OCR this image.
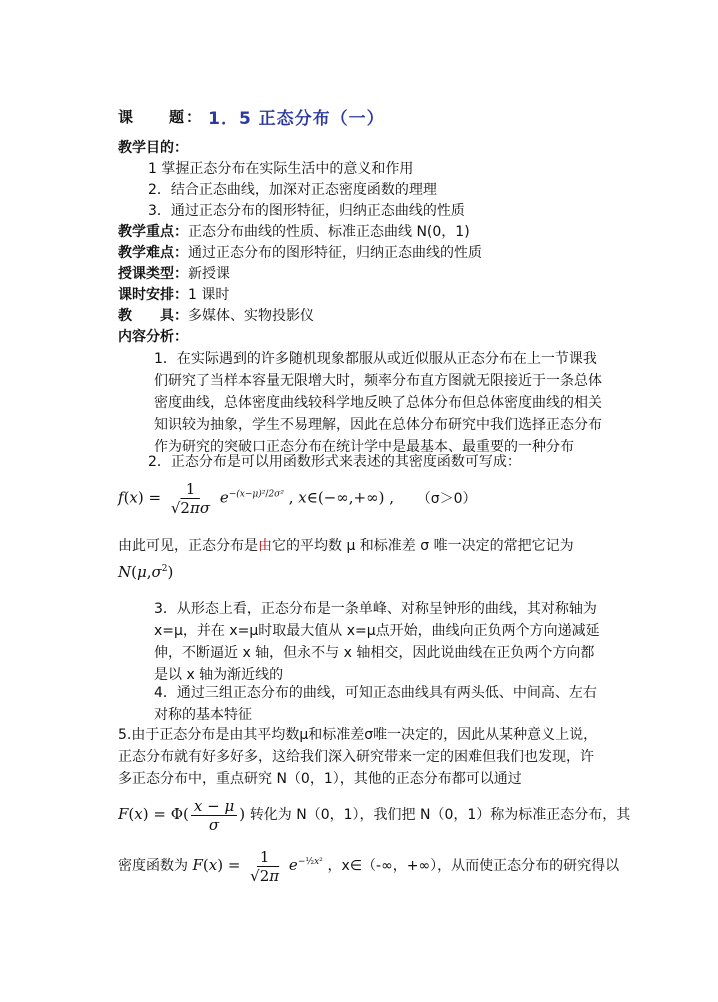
课　　题： 1．5 正态分布（一）
教学目的：
1 掌握正态分布在实际生活中的意义和作用
2．结合正态曲线，加深对正态密度函数的理理
3．通过正态分布的图形特征，归纳正态曲线的性质
教学重点：正态分布曲线的性质、标准正态曲线 N(0，1)
教学难点：通过正态分布的图形特征，归纳正态曲线的性质
授课类型：新授课
课时安排：1 课时
教　　具：多媒体、实物投影仪
内容分析：
1．在实际遇到的许多随机现象都服从或近似服从正态分布在上一节课我们研究了当样本容量无限增大时，频率分布直方图就无限接近于一条总体密度曲线，总体密度曲线较科学地反映了总体分布但总体密度曲线的相关知识较为抽象，学生不易理解，因此在总体分布研究中我们选择正态分布作为研究的突破口正态分布在统计学中是最基本、最重要的一种分布
2．正态分布是可以用函数形式来表述的其密度函数可写成：
$f(x) = \frac{1}{√2\pi\sigma} e^{-(x-\mu)^2/2\sigma^2}$ , x∈(−∞,+∞) , （σ＞0）
由此可见，正态分布是由它的平均数 μ 和标准差 σ 唯一决定的常把它记为
$N(\mu,\sigma^2)$
3．从形态上看，正态分布是一条单峰、对称呈钟形的曲线，其对称轴为 x=μ，并在 x=μ时取最大值从 x=μ点开始，曲线向正负两个方向递减延伸，不断逼近 x 轴，但永不与 x 轴相交，因此说曲线在正负两个方向都是以 x 轴为渐近线的
4．通过三组正态分布的曲线，可知正态曲线具有两头低、中间高、左右对称的基本特征
5.由于正态分布是由其平均数μ和标准差σ唯一决定的，因此从某种意义上说，正态分布就有好多好多，这给我们深入研究带来一定的困难但我们也发现，许多正态分布中，重点研究 N（0，1），其他的正态分布都可以通过
$F(x) = \Phi( \frac{x - \mu}{\sigma}$ ) 转化为 N（0，1），我们把 N（0，1）称为标准正态分布，其
密度函数为 $F(x) = \frac{1}{√2\pi} e^{-\frac{1}{2}x^2}$ ，x∈（-∞，+∞），从而使正态分布的研究得以
